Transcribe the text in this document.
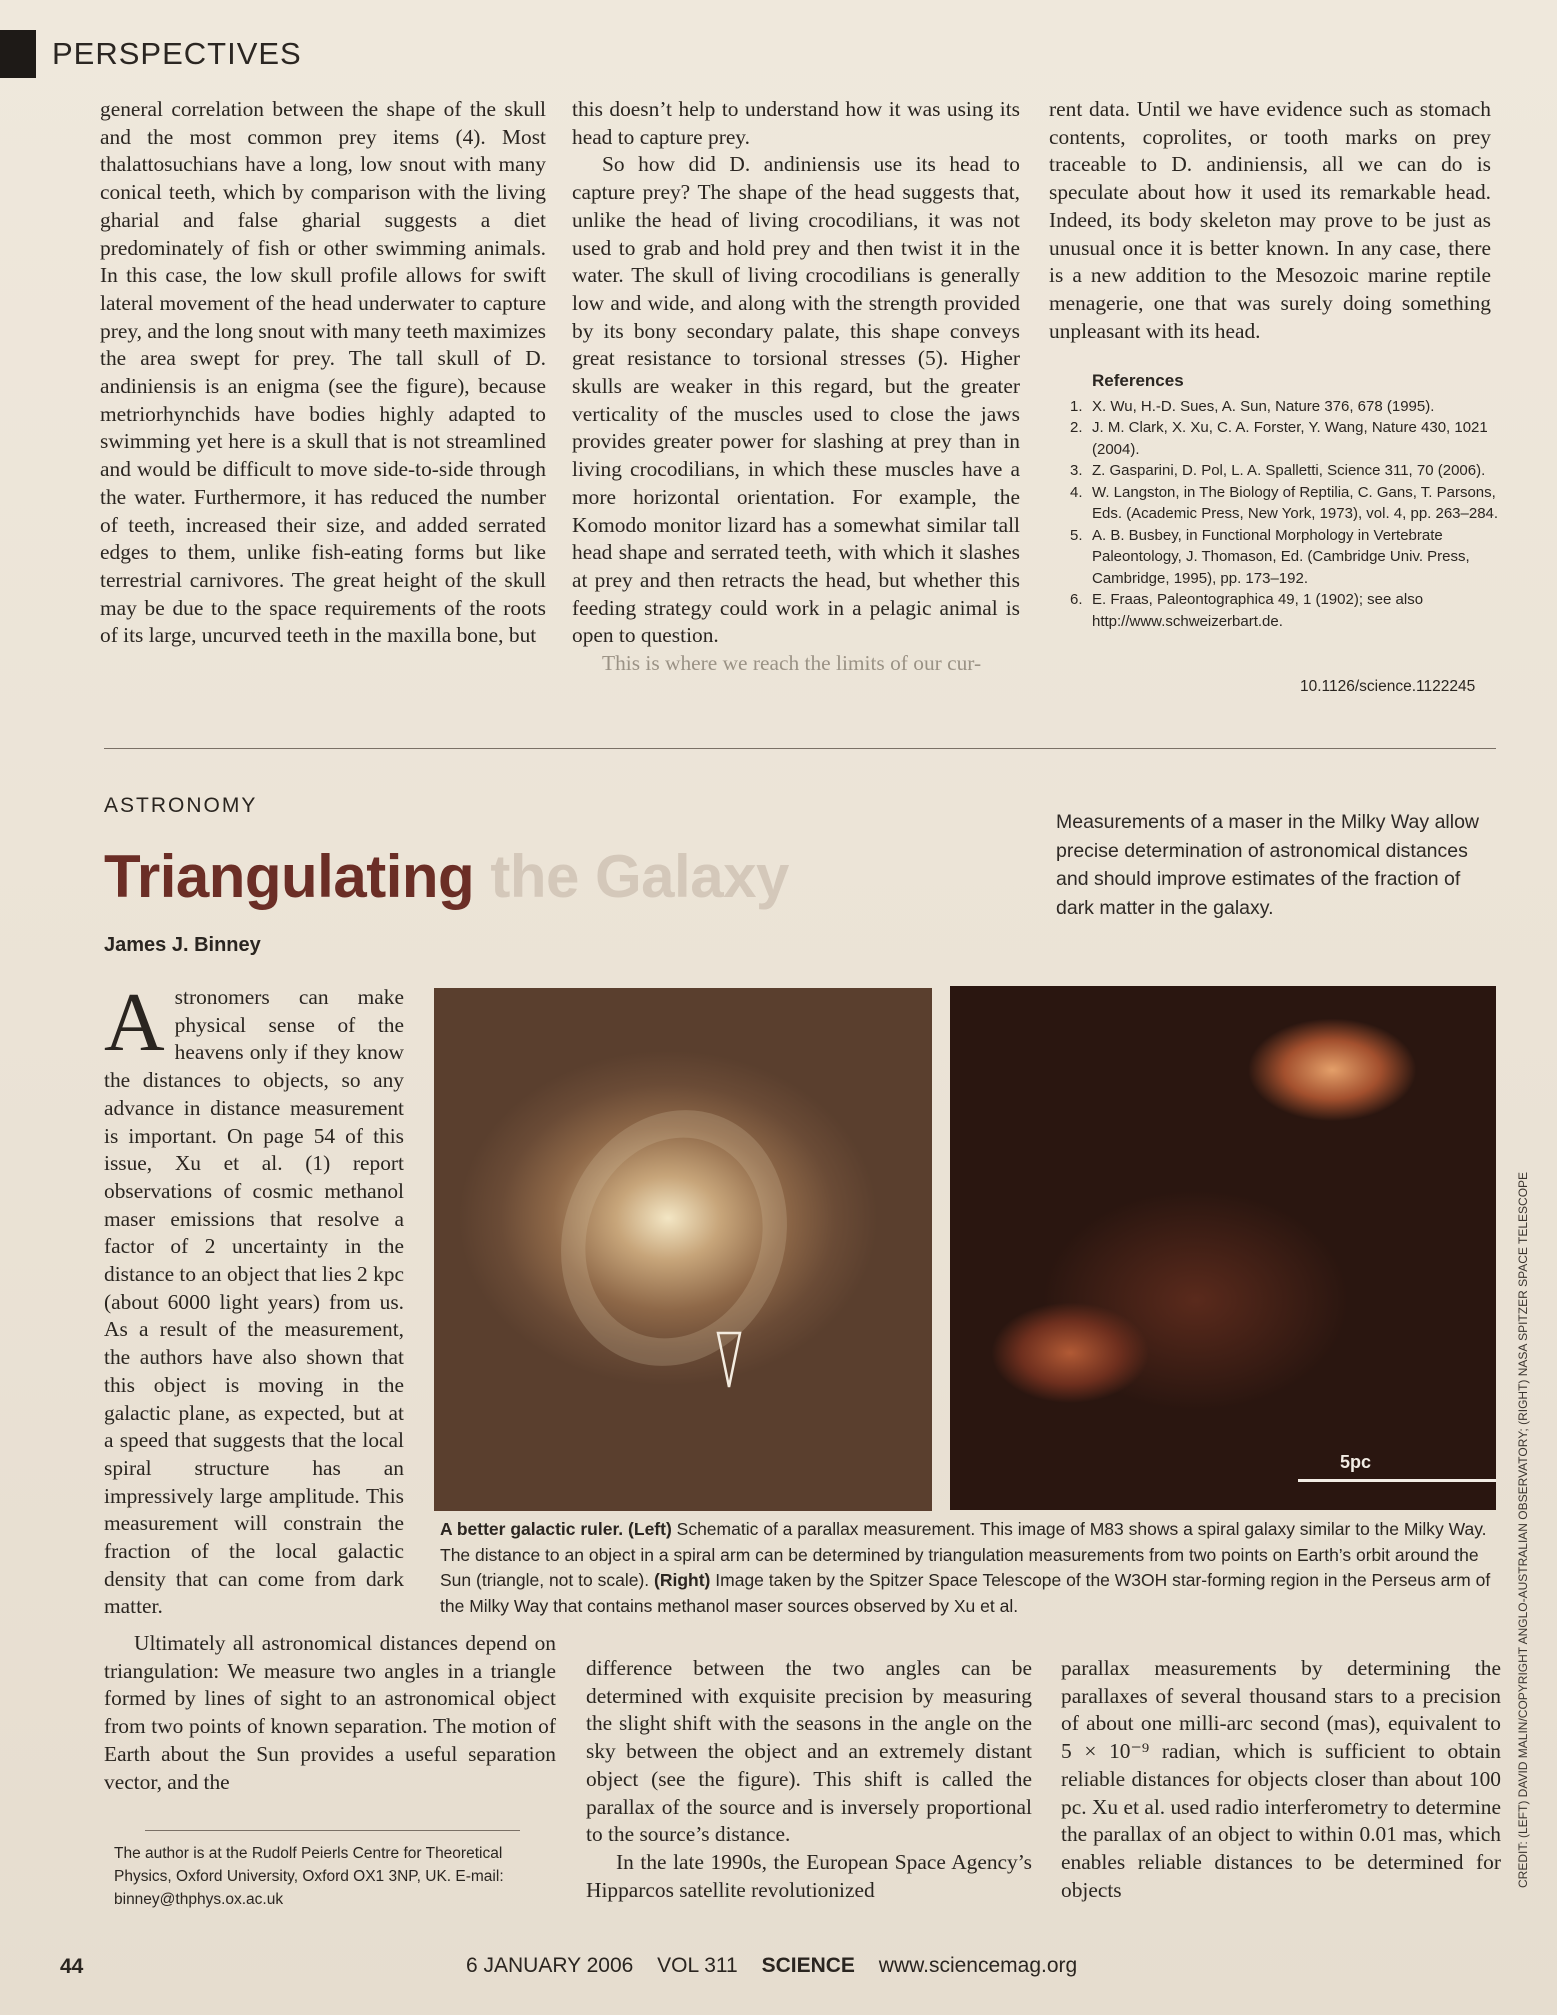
PERSPECTIVES

general correlation between the shape of the skull and the most common prey items (4). Most thalattosuchians have a long, low snout with many conical teeth, which by comparison with the living gharial and false gharial suggests a diet predominately of fish or other swimming animals. In this case, the low skull profile allows for swift lateral movement of the head underwater to capture prey, and the long snout with many teeth maximizes the area swept for prey. The tall skull of D. andiniensis is an enigma (see the figure), because metriorhynchids have bodies highly adapted to swimming yet here is a skull that is not streamlined and would be difficult to move side-to-side through the water. Furthermore, it has reduced the number of teeth, increased their size, and added serrated edges to them, unlike fish-eating forms but like terrestrial carnivores. The great height of the skull may be due to the space requirements of the roots of its large, uncurved teeth in the maxilla bone, but

this doesn’t help to understand how it was using its head to capture prey.

So how did D. andiniensis use its head to capture prey? The shape of the head suggests that, unlike the head of living crocodilians, it was not used to grab and hold prey and then twist it in the water. The skull of living crocodilians is generally low and wide, and along with the strength provided by its bony secondary palate, this shape conveys great resistance to torsional stresses (5). Higher skulls are weaker in this regard, but the greater verticality of the muscles used to close the jaws provides greater power for slashing at prey than in living crocodilians, in which these muscles have a more horizontal orientation. For example, the Komodo monitor lizard has a somewhat similar tall head shape and serrated teeth, with which it slashes at prey and then retracts the head, but whether this feeding strategy could work in a pelagic animal is open to question.

This is where we reach the limits of our cur-

rent data. Until we have evidence such as stomach contents, coprolites, or tooth marks on prey traceable to D. andiniensis, all we can do is speculate about how it used its remarkable head. Indeed, its body skeleton may prove to be just as unusual once it is better known. In any case, there is a new addition to the Mesozoic marine reptile menagerie, one that was surely doing something unpleasant with its head.

References
1. X. Wu, H.-D. Sues, A. Sun, Nature 376, 678 (1995).
2. J. M. Clark, X. Xu, C. A. Forster, Y. Wang, Nature 430, 1021 (2004).
3. Z. Gasparini, D. Pol, L. A. Spalletti, Science 311, 70 (2006).
4. W. Langston, in The Biology of Reptilia, C. Gans, T. Parsons, Eds. (Academic Press, New York, 1973), vol. 4, pp. 263–284.
5. A. B. Busbey, in Functional Morphology in Vertebrate Paleontology, J. Thomason, Ed. (Cambridge Univ. Press, Cambridge, 1995), pp. 173–192.
6. E. Fraas, Paleontographica 49, 1 (1902); see also http://www.schweizerbart.de.
10.1126/science.1122245
ASTRONOMY
Triangulating the Galaxy
Measurements of a maser in the Milky Way allow precise determination of astronomical distances and should improve estimates of the fraction of dark matter in the galaxy.
James J. Binney

Astronomers can make physical sense of the heavens only if they know the distances to objects, so any advance in distance measurement is important. On page 54 of this issue, Xu et al. (1) report observations of cosmic methanol maser emissions that resolve a factor of 2 uncertainty in the distance to an object that lies 2 kpc (about 6000 light years) from us. As a result of the measurement, the authors have also shown that this object is moving in the galactic plane, as expected, but at a speed that suggests that the local spiral structure has an impressively large amplitude. This measurement will constrain the fraction of the local galactic density that can come from dark matter.

5pc
A better galactic ruler. (Left) Schematic of a parallax measurement. This image of M83 shows a spiral galaxy similar to the Milky Way. The distance to an object in a spiral arm can be determined by triangulation measurements from two points on Earth’s orbit around the Sun (triangle, not to scale). (Right) Image taken by the Spitzer Space Telescope of the W3OH star-forming region in the Perseus arm of the Milky Way that contains methanol maser sources observed by Xu et al.

Ultimately all astronomical distances depend on triangulation: We measure two angles in a triangle formed by lines of sight to an astronomical object from two points of known separation. The motion of Earth about the Sun provides a useful separation vector, and the

difference between the two angles can be determined with exquisite precision by measuring the slight shift with the seasons in the angle on the sky between the object and an extremely distant object (see the figure). This shift is called the parallax of the source and is inversely proportional to the source’s distance.

In the late 1990s, the European Space Agency’s Hipparcos satellite revolutionized

parallax measurements by determining the parallaxes of several thousand stars to a precision of about one milli-arc second (mas), equivalent to 5 × 10⁻⁹ radian, which is sufficient to obtain reliable distances for objects closer than about 100 pc. Xu et al. used radio interferometry to determine the parallax of an object to within 0.01 mas, which enables reliable distances to be determined for objects

The author is at the Rudolf Peierls Centre for Theoretical Physics, Oxford University, Oxford OX1 3NP, UK. E-mail: binney@thphys.ox.ac.uk
CREDIT: (LEFT) DAVID MALIN/COPYRIGHT ANGLO-AUSTRALIAN OBSERVATORY; (RIGHT) NASA SPITZER SPACE TELESCOPE
44	6 JANUARY 2006 VOL 311 SCIENCE www.sciencemag.org
